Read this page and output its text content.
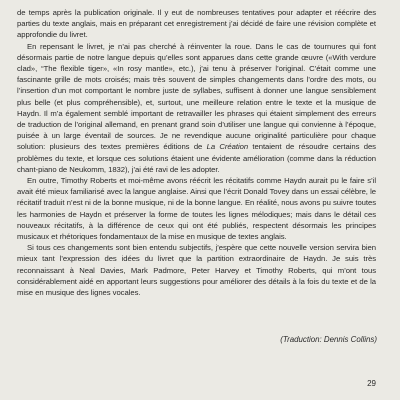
de temps après la publication originale. Il y eut de nombreuses tentatives pour adapter et réécrire des parties du texte anglais, mais en préparant cet enregistrement j’ai décidé de faire une révision complète et approfondie du livret.

En repensant le livret, je n’ai pas cherché à réinventer la roue. Dans le cas de tournures qui font désormais partie de notre langue depuis qu’elles sont apparues dans cette grande œuvre («With verdure clad», “The flexible tiger», «In rosy mantle», etc.), j’ai tenu à préserver l’original. C’était comme une fascinante grille de mots croisés; mais très souvent de simples changements dans l’ordre des mots, ou l’insertion d’un mot comportant le nombre juste de syllabes, suffisent à donner une langue sensiblement plus belle (et plus compréhensible), et, surtout, une meilleure relation entre le texte et la musique de Haydn. Il m’a également semblé important de retravailler les phrases qui étaient simplement des erreurs de traduction de l’original allemand, en prenant grand soin d’utiliser une langue qui convienne à l’époque, puisée à un large éventail de sources. Je ne revendique aucune originalité particulière pour chaque solution: plusieurs des textes premières éditions de La Création tentaient de résoudre certains des problèmes du texte, et lorsque ces solutions étaient une évidente amélioration (comme dans la réduction chant-piano de Neukomm, 1832), j’ai été ravi de les adopter.

En outre, Timothy Roberts et moi-même avons réécrit les récitatifs comme Haydn aurait pu le faire s’il avait été mieux familiarisé avec la langue anglaise. Ainsi que l’écrit Donald Tovey dans un essai célèbre, le récitatif traduit n’est ni de la bonne musique, ni de la bonne langue. En réalité, nous avons pu suivre toutes les harmonies de Haydn et préserver la forme de toutes les lignes mélodiques; mais dans le détail ces nouveaux récitatifs, à la différence de ceux qui ont été publiés, respectent désormais les principes musicaux et rhétoriques fondamentaux de la mise en musique de textes anglais.

Si tous ces changements sont bien entendu subjectifs, j’espère que cette nouvelle version servira bien mieux tant l’expression des idées du livret que la partition extraordinaire de Haydn. Je suis très reconnaissant à Neal Davies, Mark Padmore, Peter Harvey et Timothy Roberts, qui m’ont tous considérablement aidé en apportant leurs suggestions pour améliorer des détails à la fois du texte et de la mise en musique des lignes vocales.

(Traduction: Dennis Collins)
29
